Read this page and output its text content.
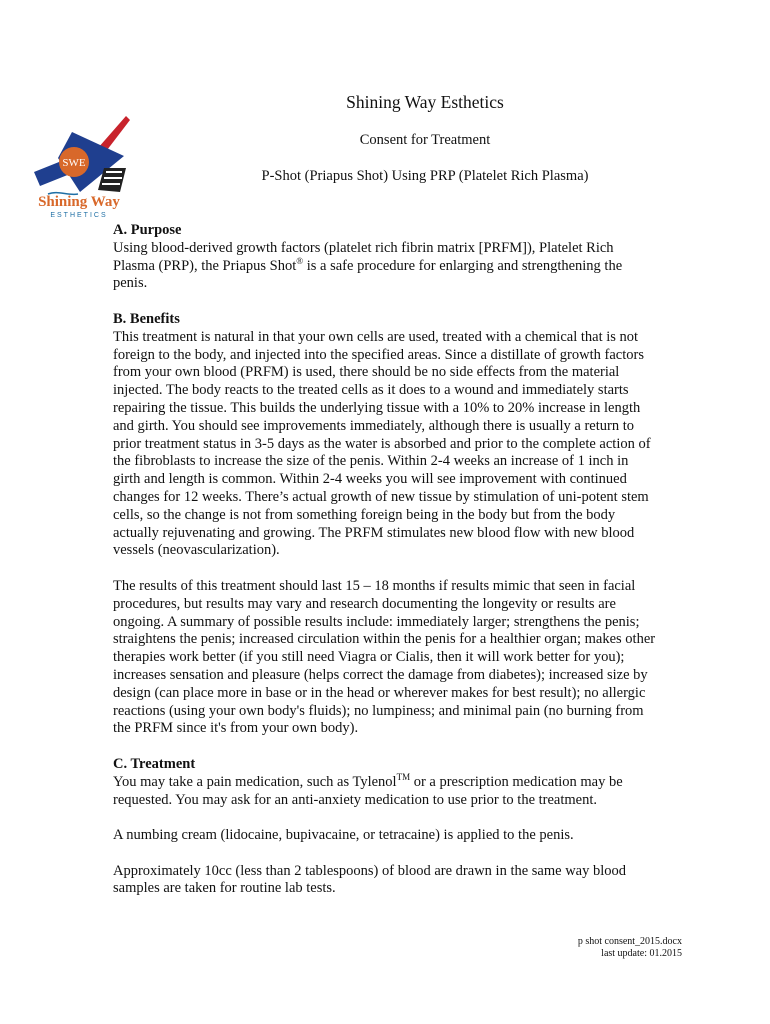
SWE
Shining Way
ESTHETICS
Shining Way Esthetics
Consent for Treatment
P-Shot (Priapus Shot) Using PRP (Platelet Rich Plasma)
A. Purpose

Using blood-derived growth factors (platelet rich fibrin matrix [PRFM]), Platelet Rich Plasma (PRP), the Priapus Shot® is a safe procedure for enlarging and strengthening the penis.

B. Benefits

This treatment is natural in that your own cells are used, treated with a chemical that is not foreign to the body, and injected into the specified areas. Since a distillate of growth factors from your own blood (PRFM) is used, there should be no side effects from the material injected. The body reacts to the treated cells as it does to a wound and immediately starts repairing the tissue. This builds the underlying tissue with a 10% to 20% increase in length and girth. You should see improvements immediately, although there is usually a return to prior treatment status in 3-5 days as the water is absorbed and prior to the complete action of the fibroblasts to increase the size of the penis. Within 2-4 weeks an increase of 1 inch in girth and length is common. Within 2-4 weeks you will see improvement with continued changes for 12 weeks. There’s actual growth of new tissue by stimulation of uni-potent stem cells, so the change is not from something foreign being in the body but from the body actually rejuvenating and growing. The PRFM stimulates new blood flow with new blood vessels (neovascularization).

The results of this treatment should last 15 – 18 months if results mimic that seen in facial procedures, but results may vary and research documenting the longevity or results are ongoing. A summary of possible results include: immediately larger; strengthens the penis; straightens the penis; increased circulation within the penis for a healthier organ; makes other therapies work better (if you still need Viagra or Cialis, then it will work better for you); increases sensation and pleasure (helps correct the damage from diabetes); increased size by design (can place more in base or in the head or wherever makes for best result); no allergic reactions (using your own body's fluids); no lumpiness; and minimal pain (no burning from the PRFM since it's from your own body).

C. Treatment

You may take a pain medication, such as Tylenol™ or a prescription medication may be requested. You may ask for an anti-anxiety medication to use prior to the treatment.

A numbing cream (lidocaine, bupivacaine, or tetracaine) is applied to the penis.

Approximately 10cc (less than 2 tablespoons) of blood are drawn in the same way blood samples are taken for routine lab tests.

p shot consent_2015.docx
last update: 01.2015
